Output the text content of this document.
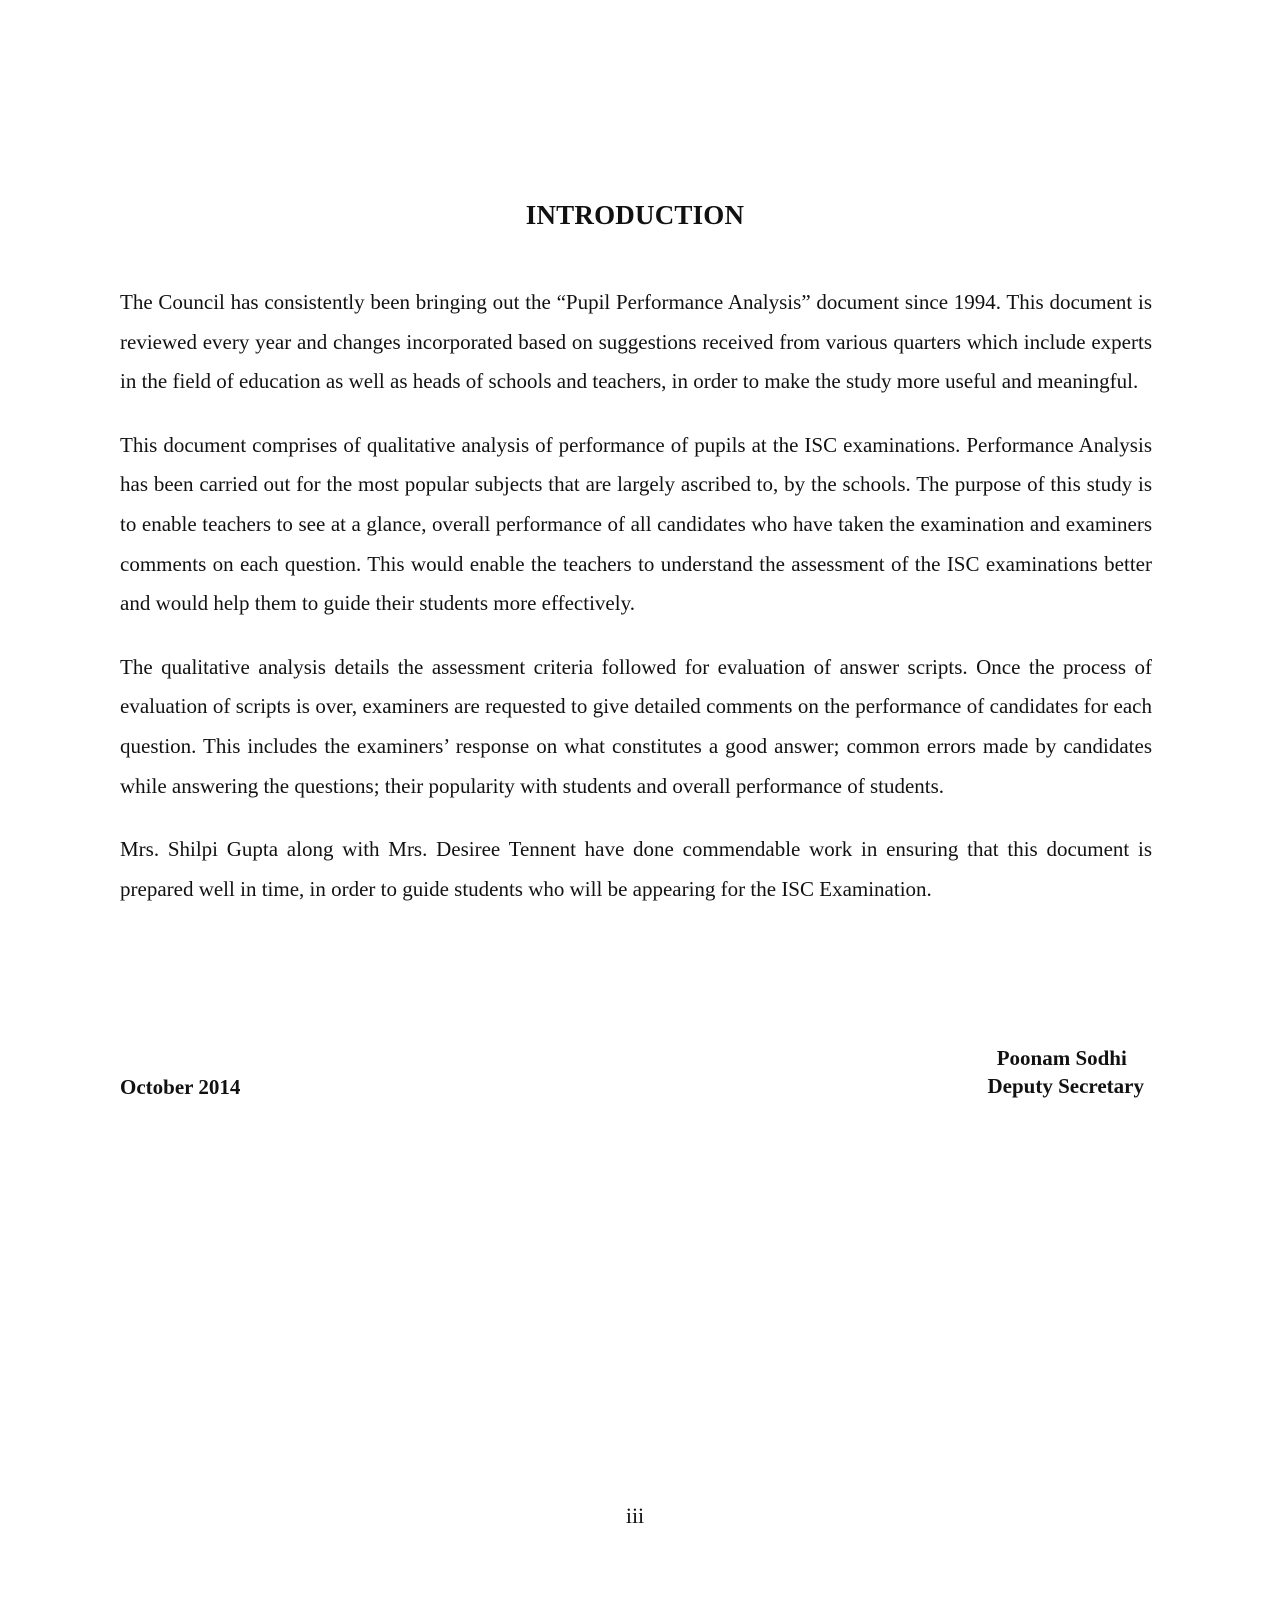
INTRODUCTION

The Council has consistently been bringing out the “Pupil Performance Analysis” document since 1994. This document is reviewed every year and changes incorporated based on suggestions received from various quarters which include experts in the field of education as well as heads of schools and teachers, in order to make the study more useful and meaningful.

This document comprises of qualitative analysis of performance of pupils at the ISC examinations. Performance Analysis has been carried out for the most popular subjects that are largely ascribed to, by the schools. The purpose of this study is to enable teachers to see at a glance, overall performance of all candidates who have taken the examination and examiners comments on each question. This would enable the teachers to understand the assessment of the ISC examinations better and would help them to guide their students more effectively.

The qualitative analysis details the assessment criteria followed for evaluation of answer scripts. Once the process of evaluation of scripts is over, examiners are requested to give detailed comments on the performance of candidates for each question. This includes the examiners’ response on what constitutes a good answer; common errors made by candidates while answering the questions; their popularity with students and overall performance of students.

Mrs. Shilpi Gupta along with Mrs. Desiree Tennent have done commendable work in ensuring that this document is prepared well in time, in order to guide students who will be appearing for the ISC Examination.

Poonam Sodhi
Deputy Secretary
October 2014
iii
